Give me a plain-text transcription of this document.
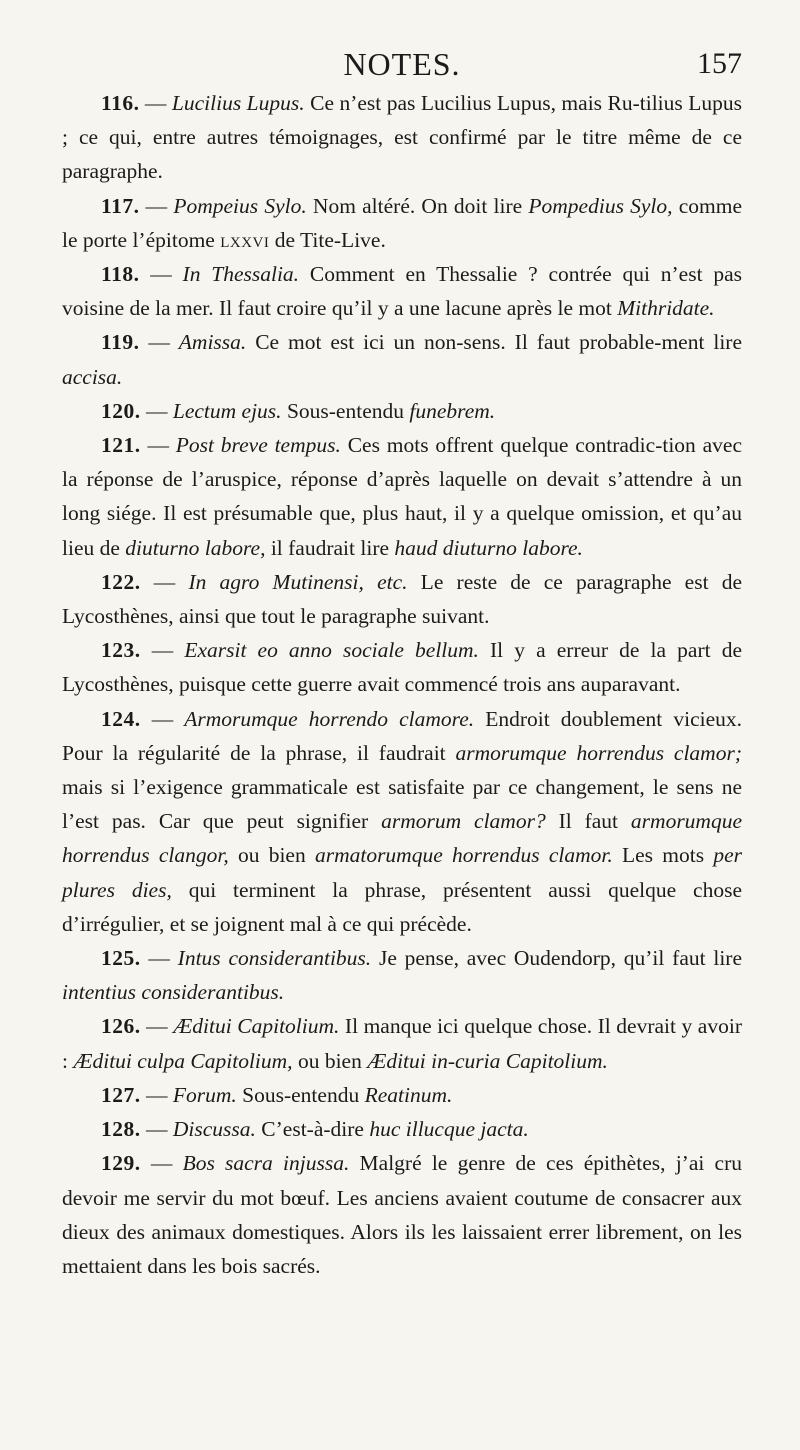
NOTES.	157
116. — Lucilius Lupus. Ce n’est pas Lucilius Lupus, mais Ru-tilius Lupus ; ce qui, entre autres témoignages, est confirmé par le titre même de ce paragraphe.
117. — Pompeius Sylo. Nom altéré. On doit lire Pompedius Sylo, comme le porte l’épitome lxxvi de Tite-Live.
118. — In Thessalia. Comment en Thessalie ? contrée qui n’est pas voisine de la mer. Il faut croire qu’il y a une lacune après le mot Mithridate.
119. — Amissa. Ce mot est ici un non-sens. Il faut probable-ment lire accisa.
120. — Lectum ejus. Sous-entendu funebrem.
121. — Post breve tempus. Ces mots offrent quelque contradic-tion avec la réponse de l’aruspice, réponse d’après laquelle on devait s’attendre à un long siége. Il est présumable que, plus haut, il y a quelque omission, et qu’au lieu de diuturno labore, il faudrait lire haud diuturno labore.
122. — In agro Mutinensi, etc. Le reste de ce paragraphe est de Lycosthènes, ainsi que tout le paragraphe suivant.
123. — Exarsit eo anno sociale bellum. Il y a erreur de la part de Lycosthènes, puisque cette guerre avait commencé trois ans auparavant.
124. — Armorumque horrendo clamore. Endroit doublement vicieux. Pour la régularité de la phrase, il faudrait armorumque horrendus clamor; mais si l’exigence grammaticale est satisfaite par ce changement, le sens ne l’est pas. Car que peut signifier armorum clamor? Il faut armorumque horrendus clangor, ou bien armatorumque horrendus clamor. Les mots per plures dies, qui terminent la phrase, présentent aussi quelque chose d’irrégulier, et se joignent mal à ce qui précède.
125. — Intus considerantibus. Je pense, avec Oudendorp, qu’il faut lire intentius considerantibus.
126. — Æditui Capitolium. Il manque ici quelque chose. Il devrait y avoir : Æditui culpa Capitolium, ou bien Æditui in-curia Capitolium.
127. — Forum. Sous-entendu Reatinum.
128. — Discussa. C’est-à-dire huc illucque jacta.
129. — Bos sacra injussa. Malgré le genre de ces épithètes, j’ai cru devoir me servir du mot bœuf. Les anciens avaient coutume de consacrer aux dieux des animaux domestiques. Alors ils les laissaient errer librement, on les mettaient dans les bois sacrés.
